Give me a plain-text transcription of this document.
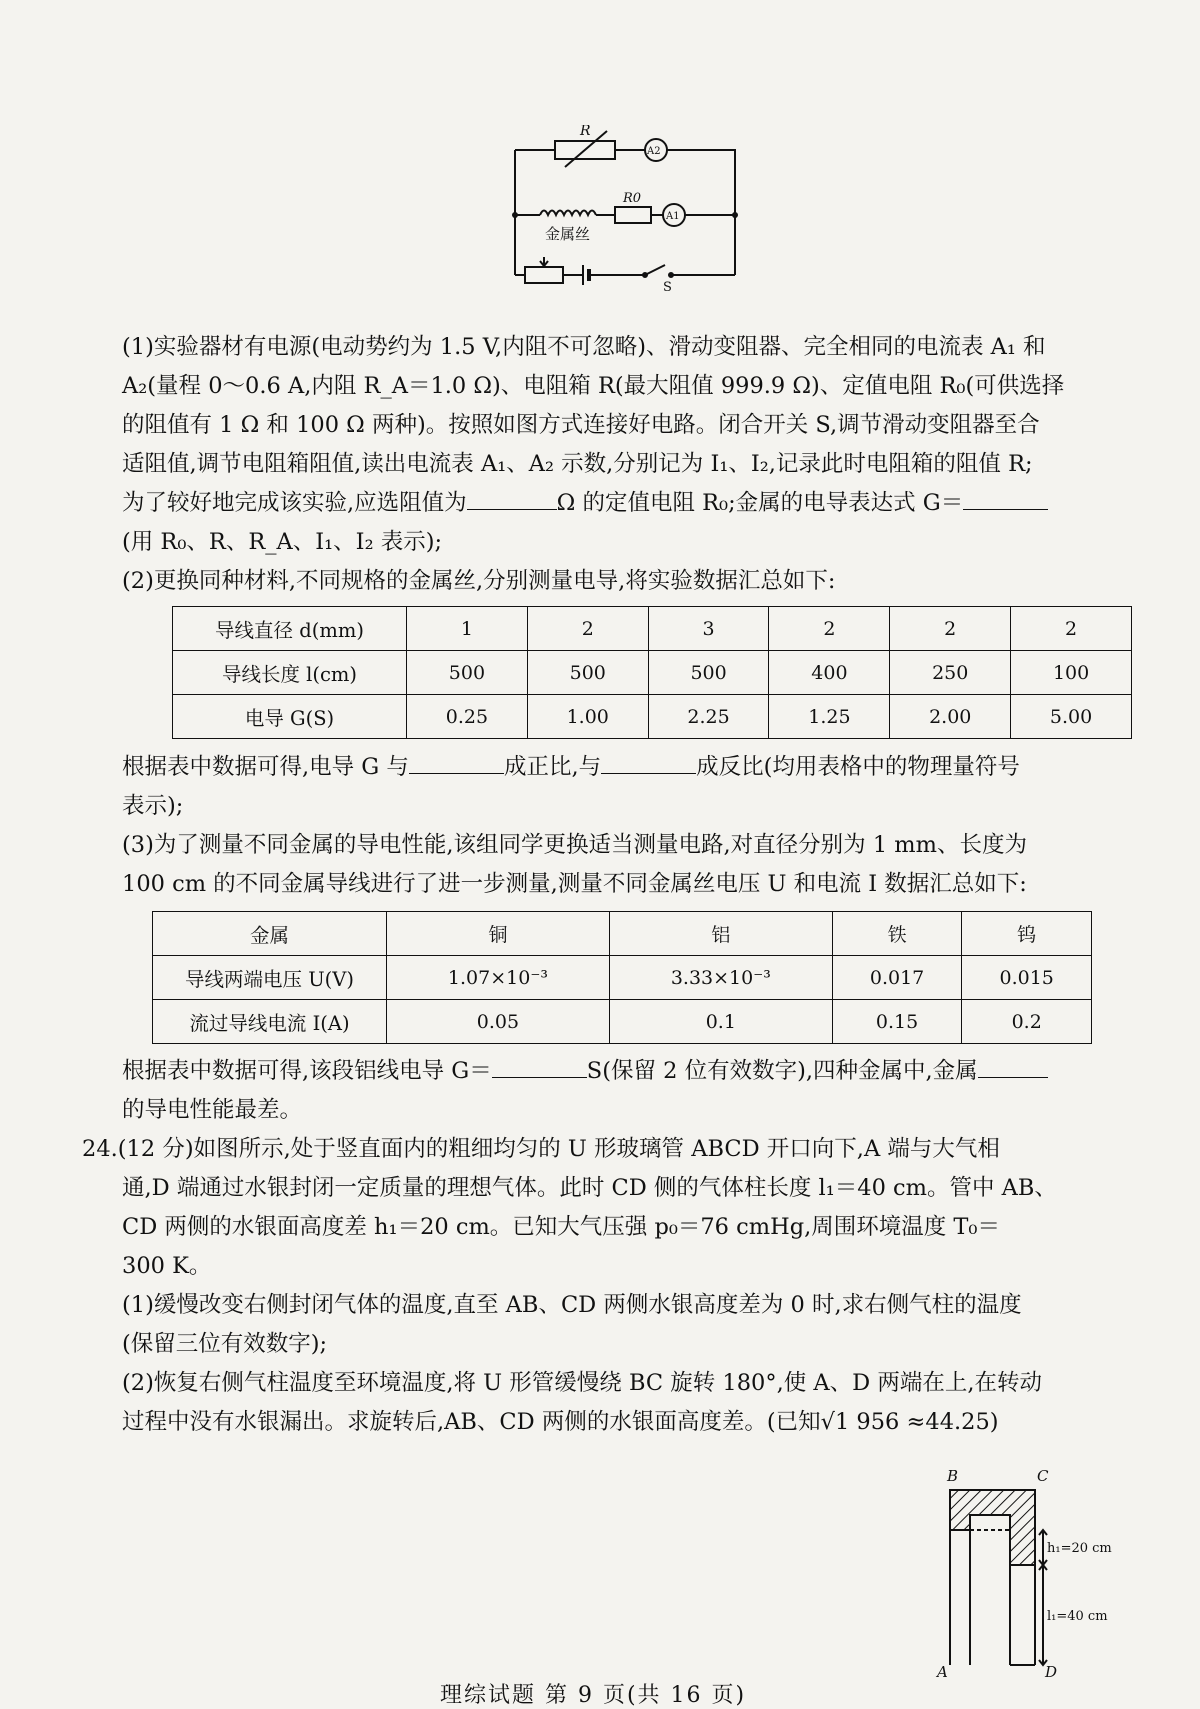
R
A2
R0
A1
金属丝
S

(1)实验器材有电源(电动势约为 1.5 V,内阻不可忽略)、滑动变阻器、完全相同的电流表 A₁ 和

A₂(量程 0～0.6 A,内阻 R_A＝1.0 Ω)、电阻箱 R(最大阻值 999.9 Ω)、定值电阻 R₀(可供选择

的阻值有 1 Ω 和 100 Ω 两种)。按照如图方式连接好电路。闭合开关 S,调节滑动变阻器至合

适阻值,调节电阻箱阻值,读出电流表 A₁、A₂ 示数,分别记为 I₁、I₂,记录此时电阻箱的阻值 R;

为了较好地完成该实验,应选阻值为	Ω 的定值电阻 R₀;金属的电导表达式 G＝

(用 R₀、R、R_A、I₁、I₂ 表示);

(2)更换同种材料,不同规格的金属丝,分别测量电导,将实验数据汇总如下:

导线直径 d(mm)	1	2	3	2	2	2
导线长度 l(cm)	500	500	500	400	250	100
电导 G(S)	0.25	1.00	2.25	1.25	2.00	5.00

根据表中数据可得,电导 G 与	成正比,与	成反比(均用表格中的物理量符号

表示);

(3)为了测量不同金属的导电性能,该组同学更换适当测量电路,对直径分别为 1 mm、长度为

100 cm 的不同金属导线进行了进一步测量,测量不同金属丝电压 U 和电流 I 数据汇总如下:

金属	铜	铝	铁	钨
导线两端电压 U(V)	1.07×10⁻³	3.33×10⁻³	0.017	0.015
流过导线电流 I(A)	0.05	0.1	0.15	0.2

根据表中数据可得,该段铝线电导 G＝	S(保留 2 位有效数字),四种金属中,金属

的导电性能最差。

24.(12 分)如图所示,处于竖直面内的粗细均匀的 U 形玻璃管 ABCD 开口向下,A 端与大气相

通,D 端通过水银封闭一定质量的理想气体。此时 CD 侧的气体柱长度 l₁＝40 cm。管中 AB、

CD 两侧的水银面高度差 h₁＝20 cm。已知大气压强 p₀＝76 cmHg,周围环境温度 T₀＝

300 K。

(1)缓慢改变右侧封闭气体的温度,直至 AB、CD 两侧水银高度差为 0 时,求右侧气柱的温度

(保留三位有效数字);

(2)恢复右侧气柱温度至环境温度,将 U 形管缓慢绕 BC 旋转 180°,使 A、D 两端在上,在转动

过程中没有水银漏出。求旋转后,AB、CD 两侧的水银面高度差。(已知√1 956 ≈44.25)

B	C
A	D
h₁=20 cm
l₁=40 cm
理综试题 第 9 页(共 16 页)
